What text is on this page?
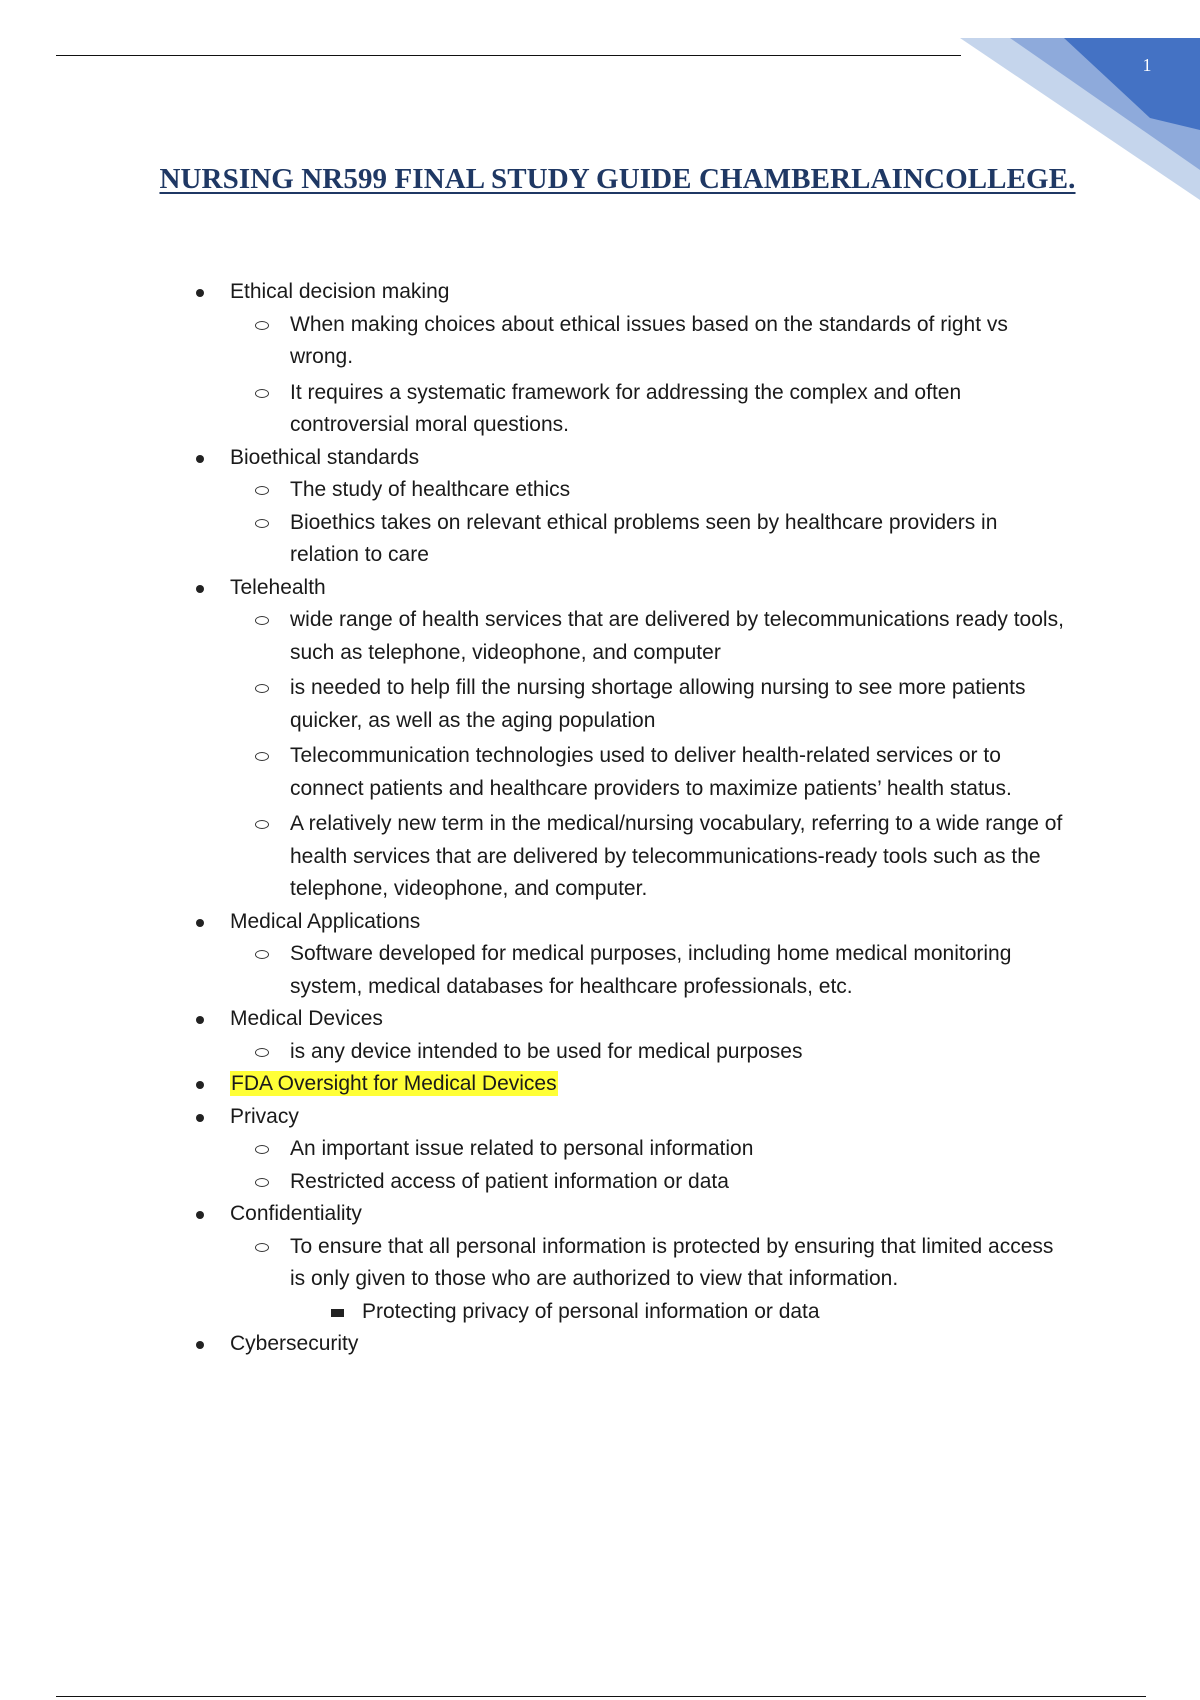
1
NURSING NR599 FINAL STUDY GUIDE CHAMBERLAINCOLLEGE.
Ethical decision making
When making choices about ethical issues based on the standards of right vs wrong.
It requires a systematic framework for addressing the complex and often controversial moral questions.
Bioethical standards
The study of healthcare ethics
Bioethics takes on relevant ethical problems seen by healthcare providers in relation to care
Telehealth
wide range of health services that are delivered by telecommunications ready tools, such as telephone, videophone, and computer
is needed to help fill the nursing shortage allowing nursing to see more patients quicker, as well as the aging population
Telecommunication technologies used to deliver health-related services or to connect patients and healthcare providers to maximize patients’ health status.
A relatively new term in the medical/nursing vocabulary, referring to a wide range of health services that are delivered by telecommunications-ready tools such as the telephone, videophone, and computer.
Medical Applications
Software developed for medical purposes, including home medical monitoring system, medical databases for healthcare professionals, etc.
Medical Devices
is any device intended to be used for medical purposes
FDA Oversight for Medical Devices
Privacy
An important issue related to personal information
Restricted access of patient information or data
Confidentiality
To ensure that all personal information is protected by ensuring that limited access is only given to those who are authorized to view that information.
Protecting privacy of personal information or data
Cybersecurity
